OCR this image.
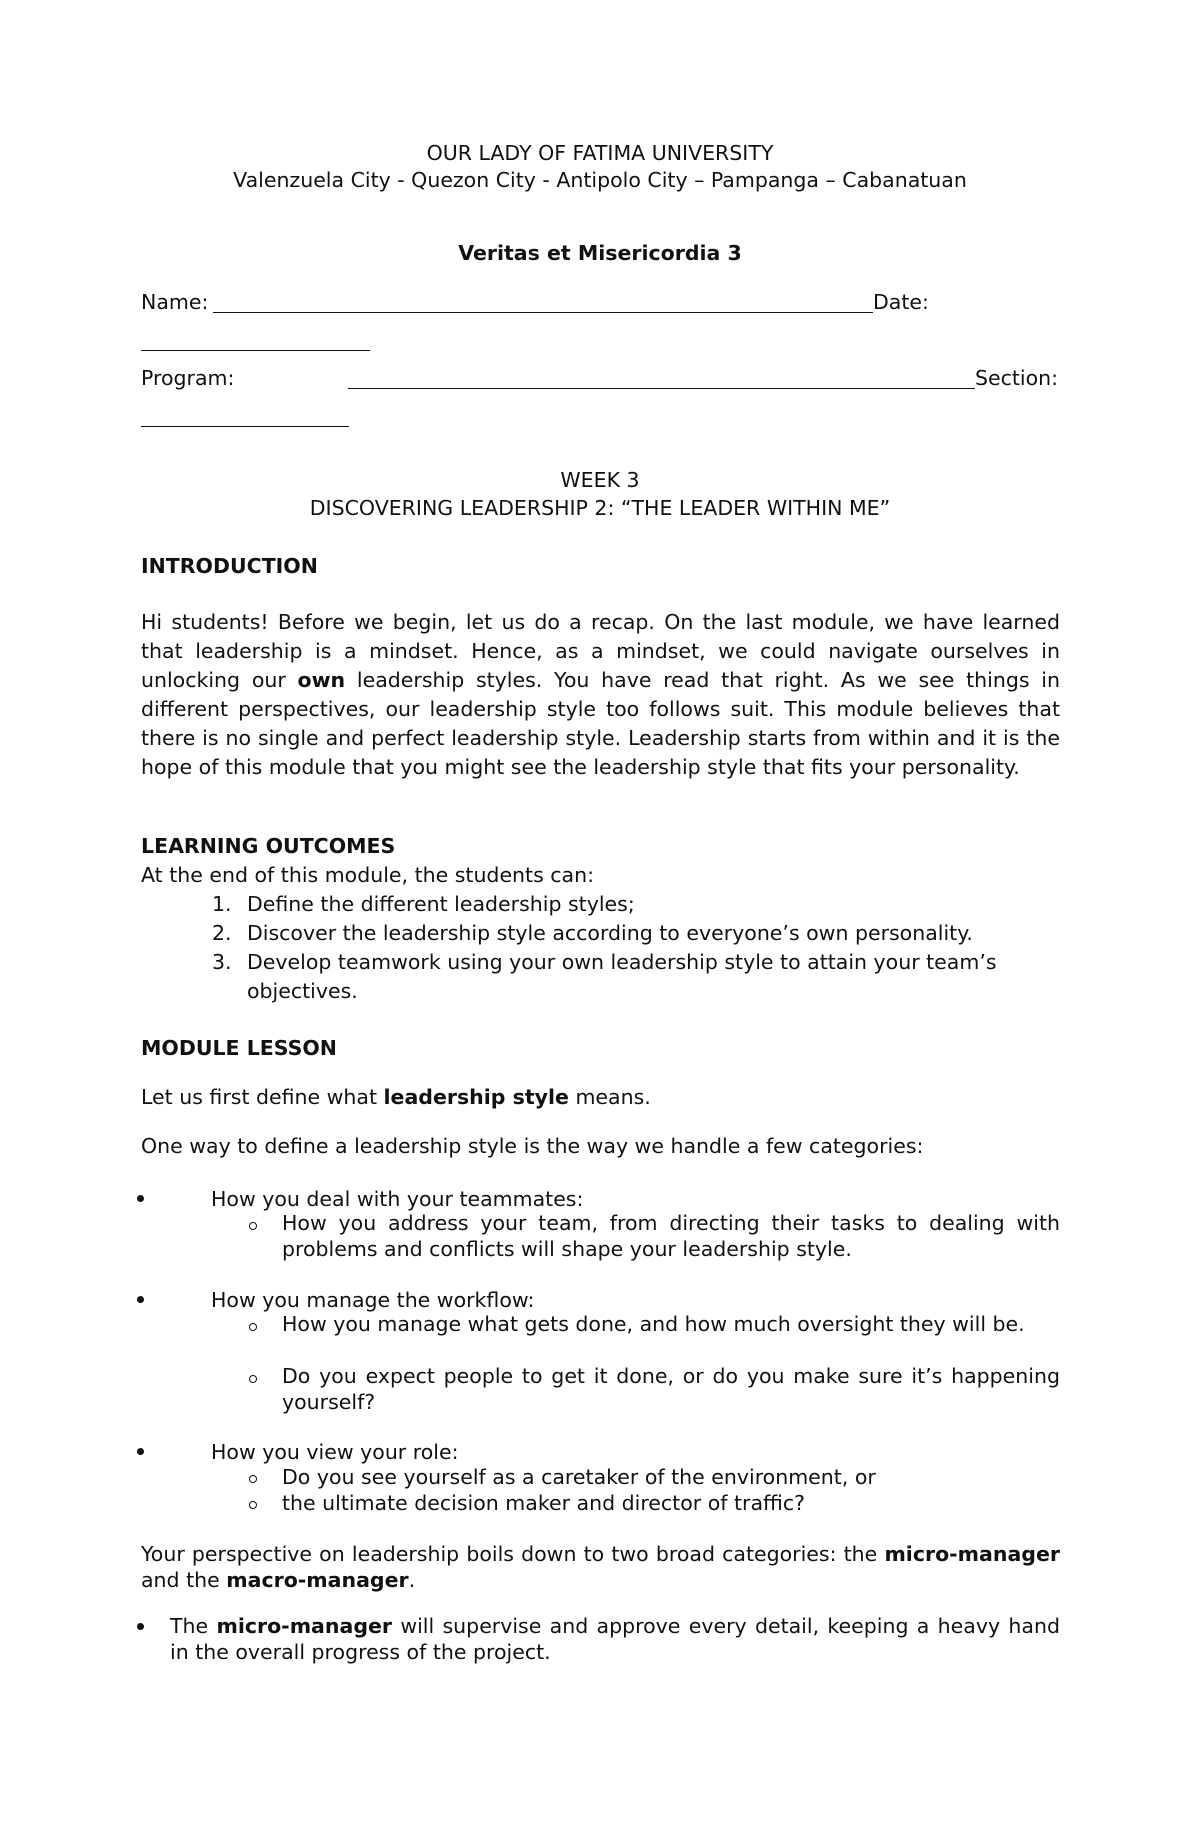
OUR LADY OF FATIMA UNIVERSITY
Valenzuela City - Quezon City - Antipolo City – Pampanga – Cabanatuan
Veritas et Misericordia 3
Name:	Date:
Program:	Section:
WEEK 3
DISCOVERING LEADERSHIP 2: “THE LEADER WITHIN ME”
INTRODUCTION
Hi students! Before we begin, let us do a recap. On the last module, we have learned that leadership is a mindset. Hence, as a mindset, we could navigate ourselves in unlocking our own leadership styles. You have read that right. As we see things in different perspectives, our leadership style too follows suit. This module believes that there is no single and perfect leadership style. Leadership starts from within and it is the hope of this module that you might see the leadership style that fits your personality.
LEARNING OUTCOMES
At the end of this module, the students can:
1. Define the different leadership styles;
2. Discover the leadership style according to everyone’s own personality.
3. Develop teamwork using your own leadership style to attain your team’s
objectives.
MODULE LESSON
Let us first define what leadership style means.
One way to define a leadership style is the way we handle a few categories:
How you deal with your teammates:
How you address your team, from directing their tasks to dealing with problems and conflicts will shape your leadership style.
How you manage the workflow:
How you manage what gets done, and how much oversight they will be.
Do you expect people to get it done, or do you make sure it’s happening yourself?
How you view your role:
Do you see yourself as a caretaker of the environment, or
the ultimate decision maker and director of traffic?
Your perspective on leadership boils down to two broad categories: the micro-manager and the macro-manager.
The micro-manager will supervise and approve every detail, keeping a heavy hand in the overall progress of the project.
